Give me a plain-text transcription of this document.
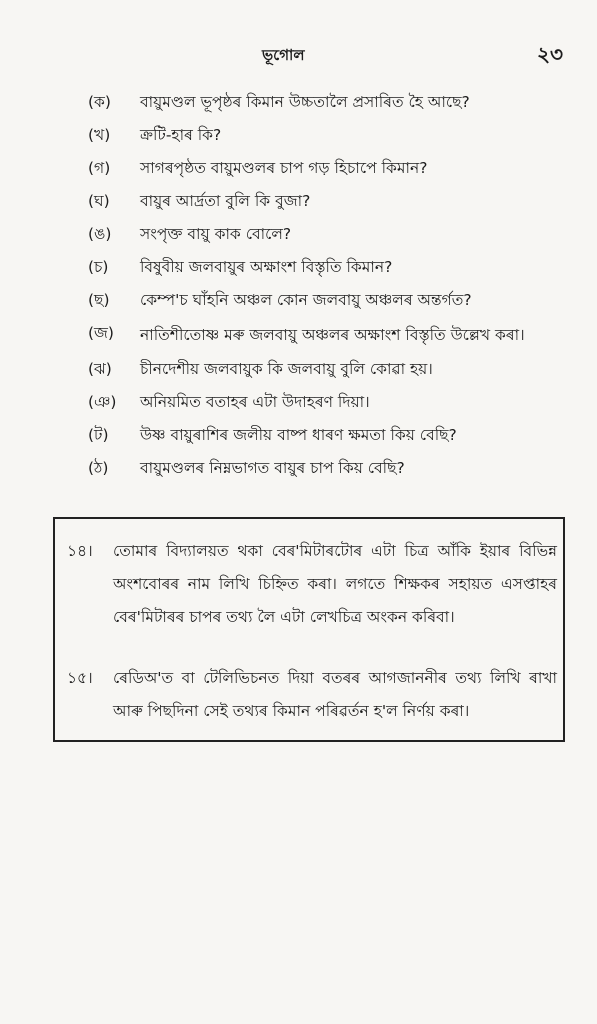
ভূগোল	২৩
(ক)	বায়ুমণ্ডল ভূপৃষ্ঠৰ কিমান উচ্চতালৈ প্ৰসাৰিত হৈ আছে?
(খ)	ক্ৰটি-হাৰ কি?
(গ)	সাগৰপৃষ্ঠত বায়ুমণ্ডলৰ চাপ গড় হিচাপে কিমান?
(ঘ)	বায়ুৰ আৰ্দ্ৰতা বুলি কি বুজা?
(ঙ)	সংপৃক্ত বায়ু কাক বোলে?
(চ)	বিষুবীয় জলবায়ুৰ অক্ষাংশ বিস্তৃতি কিমান?
(ছ)	কেম্প'চ ঘাঁহনি অঞ্চল কোন জলবায়ু অঞ্চলৰ অন্তৰ্গত?
(জ)	নাতিশীতোষ্ণ মৰু জলবায়ু অঞ্চলৰ অক্ষাংশ বিস্তৃতি উল্লেখ কৰা।
(ঝ)	চীনদেশীয় জলবায়ুক কি জলবায়ু বুলি কোৱা হয়।
(ঞ)	অনিয়মিত বতাহৰ এটা উদাহৰণ দিয়া।
(ট)	উষ্ণ বায়ুৰাশিৰ জলীয় বাষ্প ধাৰণ ক্ষমতা কিয় বেছি?
(ঠ)	বায়ুমণ্ডলৰ নিম্নভাগত বায়ুৰ চাপ কিয় বেছি?
১৪।	তোমাৰ বিদ্যালয়ত থকা বেৰ'মিটাৰটোৰ এটা চিত্ৰ আঁকি ইয়াৰ বিভিন্ন অংশবোৰৰ নাম লিখি চিহ্নিত কৰা। লগতে শিক্ষকৰ সহায়ত এসপ্তাহৰ বেৰ'মিটাৰৰ চাপৰ তথ্য লৈ এটা লেখচিত্ৰ অংকন কৰিবা।
১৫।	ৰেডিঅ'ত বা টেলিভিচনত দিয়া বতৰৰ আগজাননীৰ তথ্য লিখি ৰাখা আৰু পিছদিনা সেই তথ্যৰ কিমান পৰিৱৰ্তন হ'ল নিৰ্ণয় কৰা।
